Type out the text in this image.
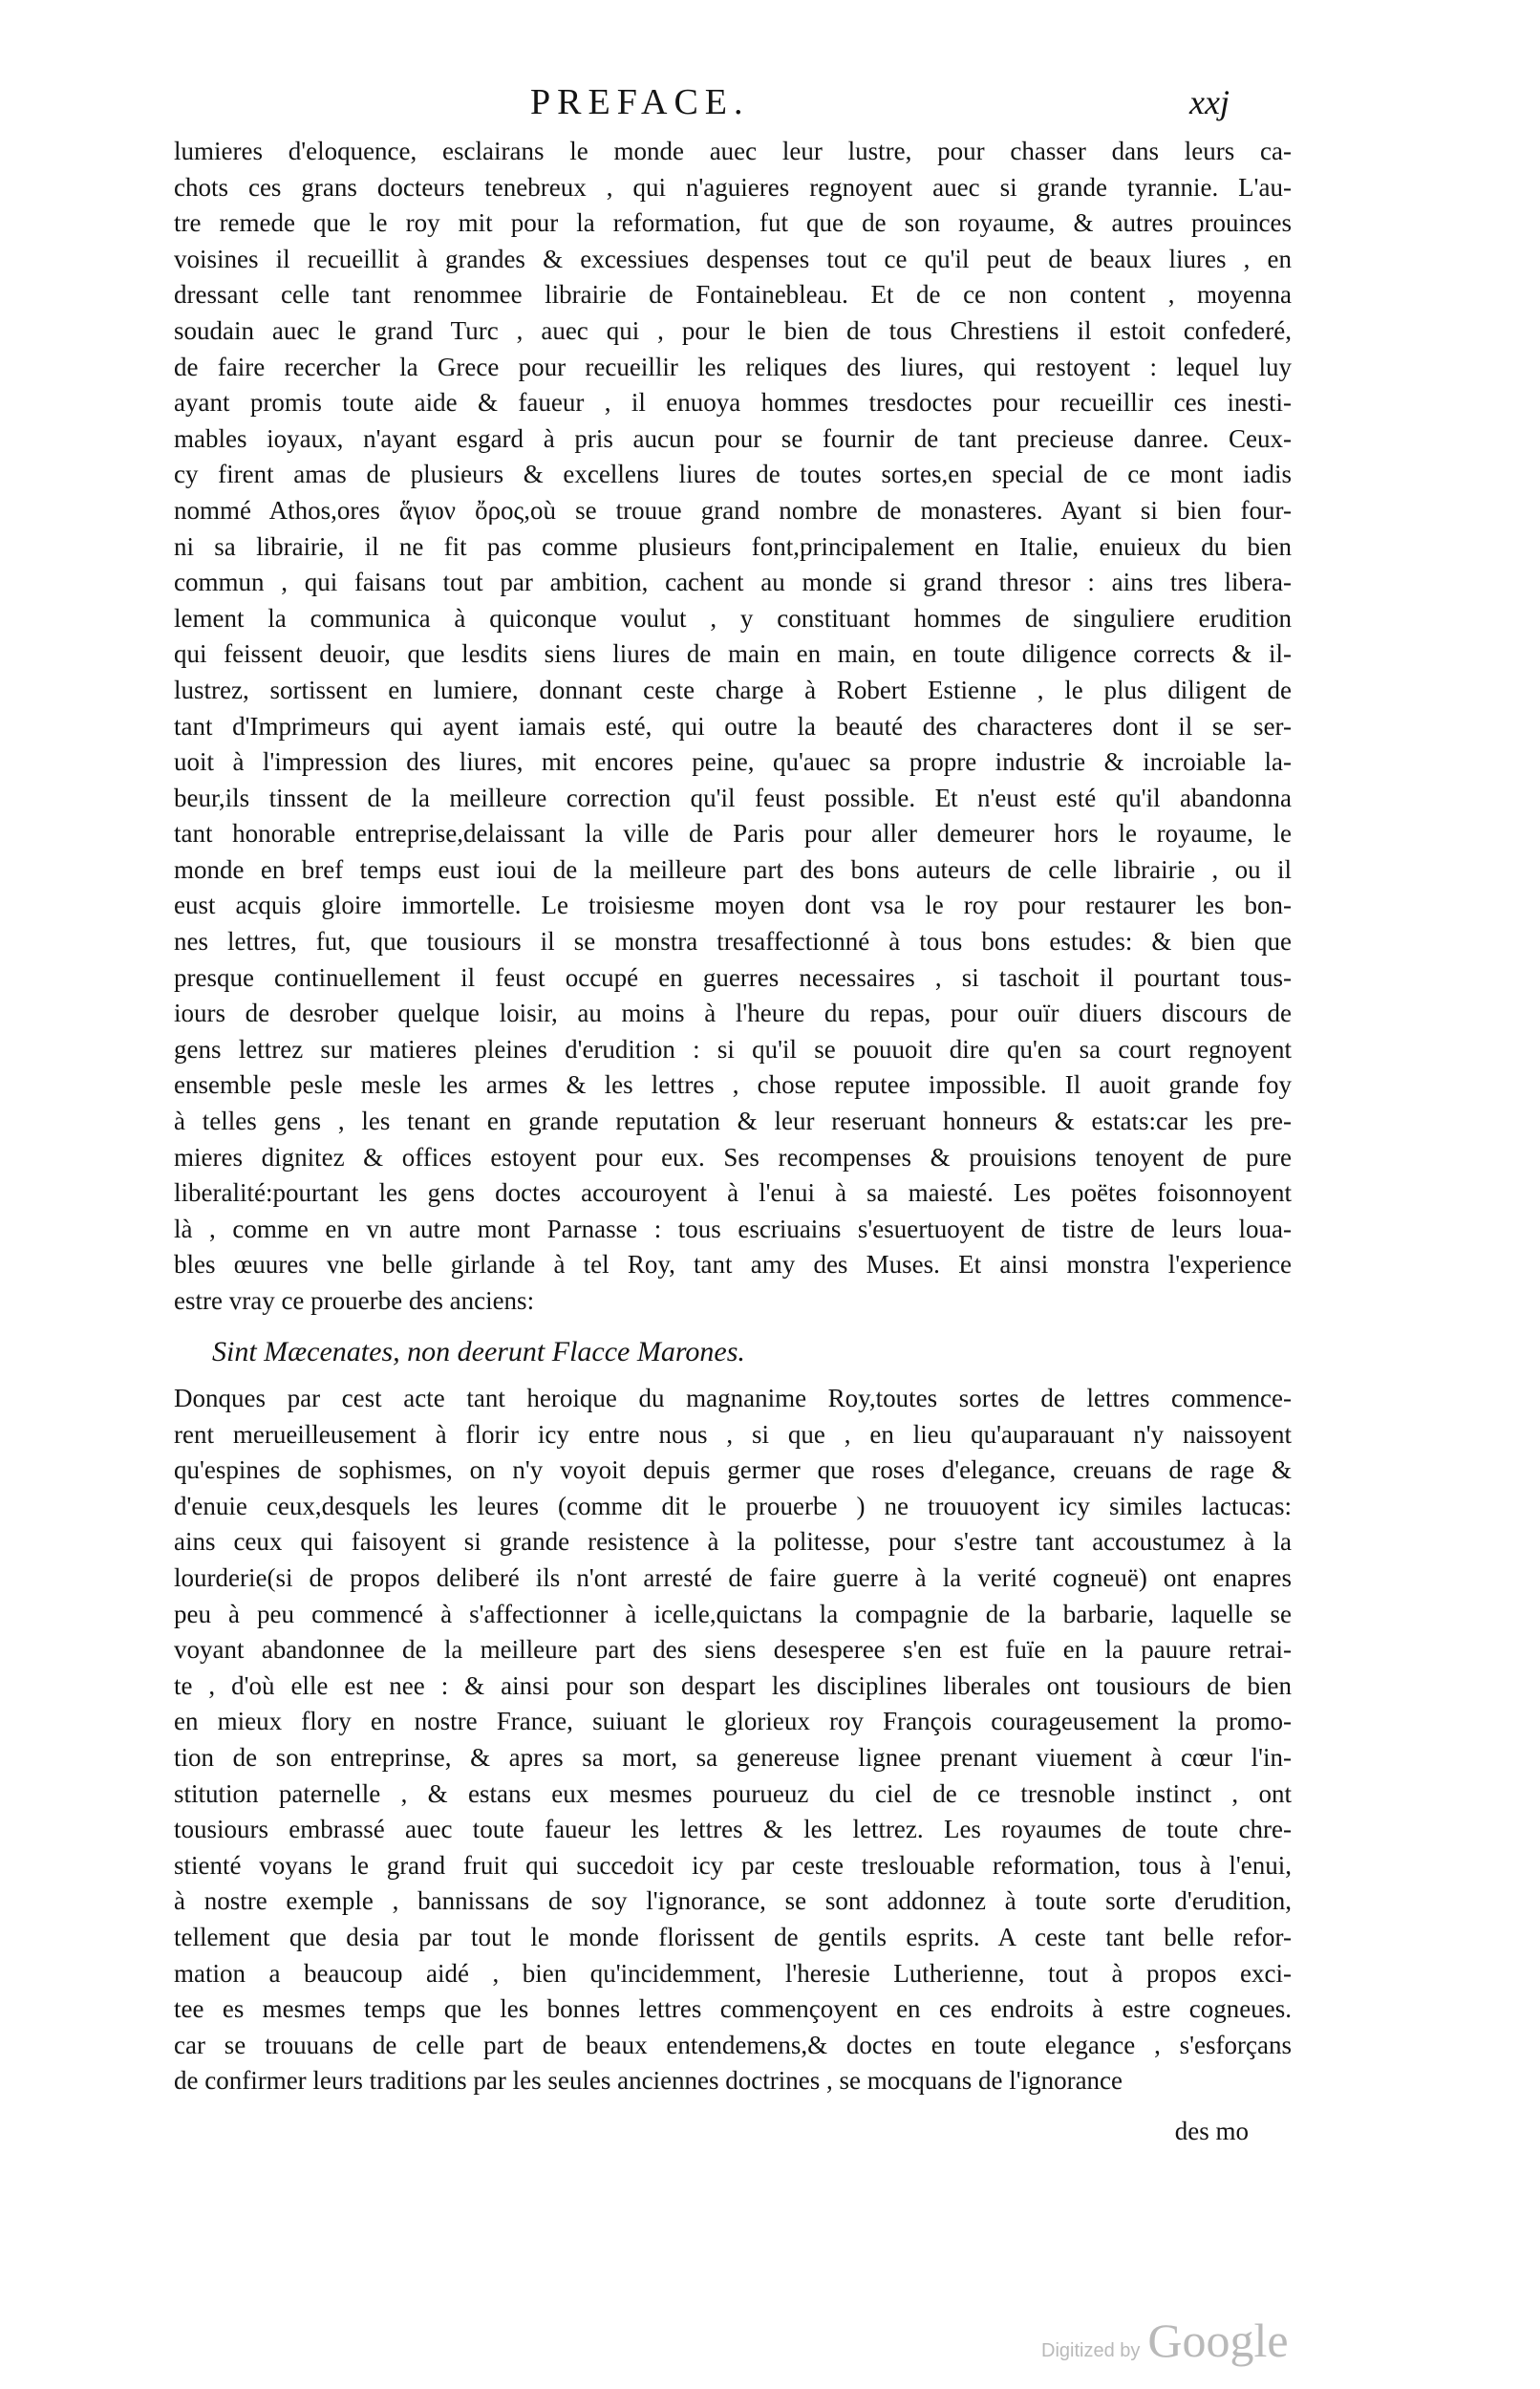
PREFACE.	xxj
lumieres d'eloquence, esclairans le monde auec leur lustre, pour chasser dans leurs ca-
chots ces grans docteurs tenebreux , qui n'aguieres regnoyent auec si grande tyrannie. L'au-
tre remede que le roy mit pour la reformation, fut que de son royaume, & autres prouinces
voisines il recueillit à grandes & excessiues despenses tout ce qu'il peut de beaux liures , en
dressant celle tant renommee librairie de Fontainebleau. Et de ce non content , moyenna
soudain auec le grand Turc , auec qui , pour le bien de tous Chrestiens il estoit confederé,
de faire recercher la Grece pour recueillir les reliques des liures, qui restoyent : lequel luy
ayant promis toute aide & faueur , il enuoya hommes tresdoctes pour recueillir ces inesti-
mables ioyaux, n'ayant esgard à pris aucun pour se fournir de tant precieuse danree. Ceux-
cy firent amas de plusieurs & excellens liures de toutes sortes,en special de ce mont iadis
nommé Athos,ores ἅγιον ὄρος,où se trouue grand nombre de monasteres. Ayant si bien four-
ni sa librairie, il ne fit pas comme plusieurs font,principalement en Italie, enuieux du bien
commun , qui faisans tout par ambition, cachent au monde si grand thresor : ains tres libera-
lement la communica à quiconque voulut , y constituant hommes de singuliere erudition
qui feissent deuoir, que lesdits siens liures de main en main, en toute diligence corrects & il-
lustrez, sortissent en lumiere, donnant ceste charge à Robert Estienne , le plus diligent de
tant d'Imprimeurs qui ayent iamais esté, qui outre la beauté des characteres dont il se ser-
uoit à l'impression des liures, mit encores peine, qu'auec sa propre industrie & incroiable la-
beur,ils tinssent de la meilleure correction qu'il feust possible. Et n'eust esté qu'il abandonna
tant honorable entreprise,delaissant la ville de Paris pour aller demeurer hors le royaume, le
monde en bref temps eust ioui de la meilleure part des bons auteurs de celle librairie , ou il
eust acquis gloire immortelle. Le troisiesme moyen dont vsa le roy pour restaurer les bon-
nes lettres, fut, que tousiours il se monstra tresaffectionné à tous bons estudes: & bien que
presque continuellement il feust occupé en guerres necessaires , si taschoit il pourtant tous-
iours de desrober quelque loisir, au moins à l'heure du repas, pour ouïr diuers discours de
gens lettrez sur matieres pleines d'erudition : si qu'il se pouuoit dire qu'en sa court regnoyent
ensemble pesle mesle les armes & les lettres , chose reputee impossible. Il auoit grande foy
à telles gens , les tenant en grande reputation & leur reseruant honneurs & estats:car les pre-
mieres dignitez & offices estoyent pour eux. Ses recompenses & prouisions tenoyent de pure
liberalité:pourtant les gens doctes accouroyent à l'enui à sa maiesté. Les poëtes foisonnoyent
là , comme en vn autre mont Parnasse : tous escriuains s'esuertuoyent de tistre de leurs loua-
bles œuures vne belle girlande à tel Roy, tant amy des Muses. Et ainsi monstra l'experience
estre vray ce prouerbe des anciens:
Sint Mæcenates, non deerunt Flacce Marones.
Donques par cest acte tant heroique du magnanime Roy,toutes sortes de lettres commence-
rent merueilleusement à florir icy entre nous , si que , en lieu qu'auparauant n'y naissoyent
qu'espines de sophismes, on n'y voyoit depuis germer que roses d'elegance, creuans de rage &
d'enuie ceux,desquels les leures (comme dit le prouerbe ) ne trouuoyent icy similes lactucas:
ains ceux qui faisoyent si grande resistence à la politesse, pour s'estre tant accoustumez à la
lourderie(si de propos deliberé ils n'ont arresté de faire guerre à la verité cogneuë) ont enapres
peu à peu commencé à s'affectionner à icelle,quictans la compagnie de la barbarie, laquelle se
voyant abandonnee de la meilleure part des siens desesperee s'en est fuïe en la pauure retrai-
te , d'où elle est nee : & ainsi pour son despart les disciplines liberales ont tousiours de bien
en mieux flory en nostre France, suiuant le glorieux roy François courageusement la promo-
tion de son entreprinse, & apres sa mort, sa genereuse lignee prenant viuement à cœur l'in-
stitution paternelle , & estans eux mesmes pourueuz du ciel de ce tresnoble instinct , ont
tousiours embrassé auec toute faueur les lettres & les lettrez. Les royaumes de toute chre-
stienté voyans le grand fruit qui succedoit icy par ceste treslouable reformation, tous à l'enui,
à nostre exemple , bannissans de soy l'ignorance, se sont addonnez à toute sorte d'erudition,
tellement que desia par tout le monde florissent de gentils esprits. A ceste tant belle refor-
mation a beaucoup aidé , bien qu'incidemment, l'heresie Lutherienne, tout à propos exci-
tee es mesmes temps que les bonnes lettres commençoyent en ces endroits à estre cogneues.
car se trouuans de celle part de beaux entendemens,& doctes en toute elegance , s'esforçans
de confirmer leurs traditions par les seules anciennes doctrines , se mocquans de l'ignorance
des mo
Digitized by Google
